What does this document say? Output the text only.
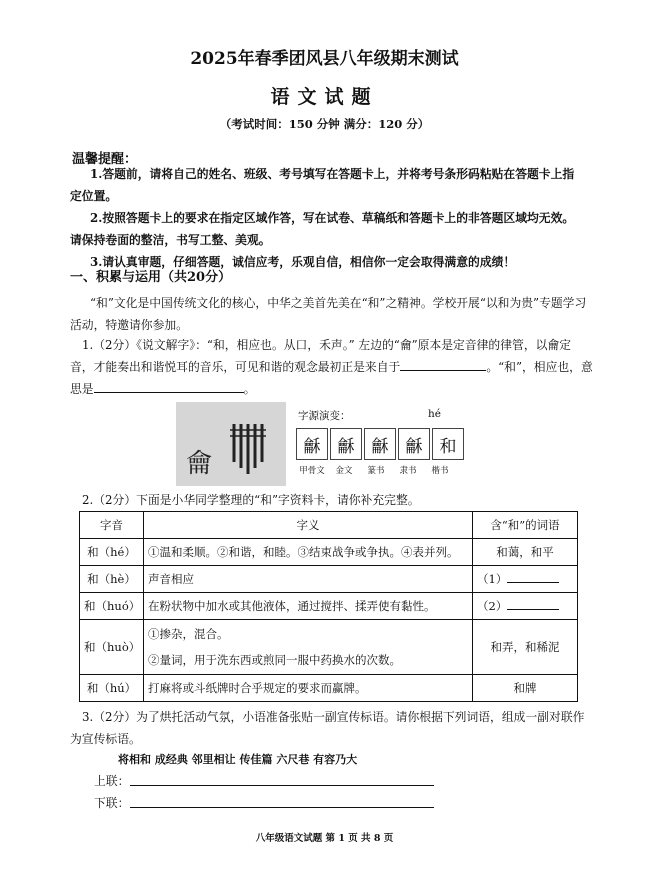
2025年春季团风县八年级期末测试
语文试题
（考试时间：150 分钟 满分：120 分）
温馨提醒：
1.答题前，请将自己的姓名、班级、考号填写在答题卡上，并将考号条形码粘贴在答题卡上指
定位置。
2.按照答题卡上的要求在指定区域作答，写在试卷、草稿纸和答题卡上的非答题区域均无效。
请保持卷面的整洁，书写工整、美观。
3.请认真审题，仔细答题，诚信应考，乐观自信，相信你一定会取得满意的成绩！
一、积累与运用（共20分）
“和”文化是中国传统文化的核心，中华之美首先美在“和”之精神。学校开展“以和为贵”专题学习
活动，特邀请你参加。
1.（2分）《说文解字》：“和，相应也。从口，禾声。” 左边的“龠”原本是定音律的律管，以龠定
音，才能奏出和谐悦耳的音乐，可见和谐的观念最初正是来自于	。“和”，相应也，意
思是	。
龠
字源演变：	hé
龢	龢	龢	龢	和
甲骨文	金文	篆书	隶书	楷书
2.（2分）下面是小华同学整理的“和”字资料卡，请你补充完整。
字音	字义	含“和”的词语
和（hé）	①温和柔顺。②和谐，和睦。③结束战争或争执。④表并列。	和蔼，和平
和（hè）	声音相应	（1）
和（huó）	在粉状物中加水或其他液体，通过搅拌、揉弄使有黏性。	（2）
和（huò）	①掺杂，混合。
②量词，用于洗东西或煎同一服中药换水的次数。	和弄，和稀泥
和（hú）	打麻将或斗纸牌时合乎规定的要求而赢牌。	和牌
3.（2分）为了烘托活动气氛，小语准备张贴一副宣传标语。请你根据下列词语，组成一副对联作
为宣传标语。
将相和 成经典 邻里相让 传佳篇 六尺巷 有容乃大
上联：
下联：
八年级语文试题 第 1 页 共 8 页
